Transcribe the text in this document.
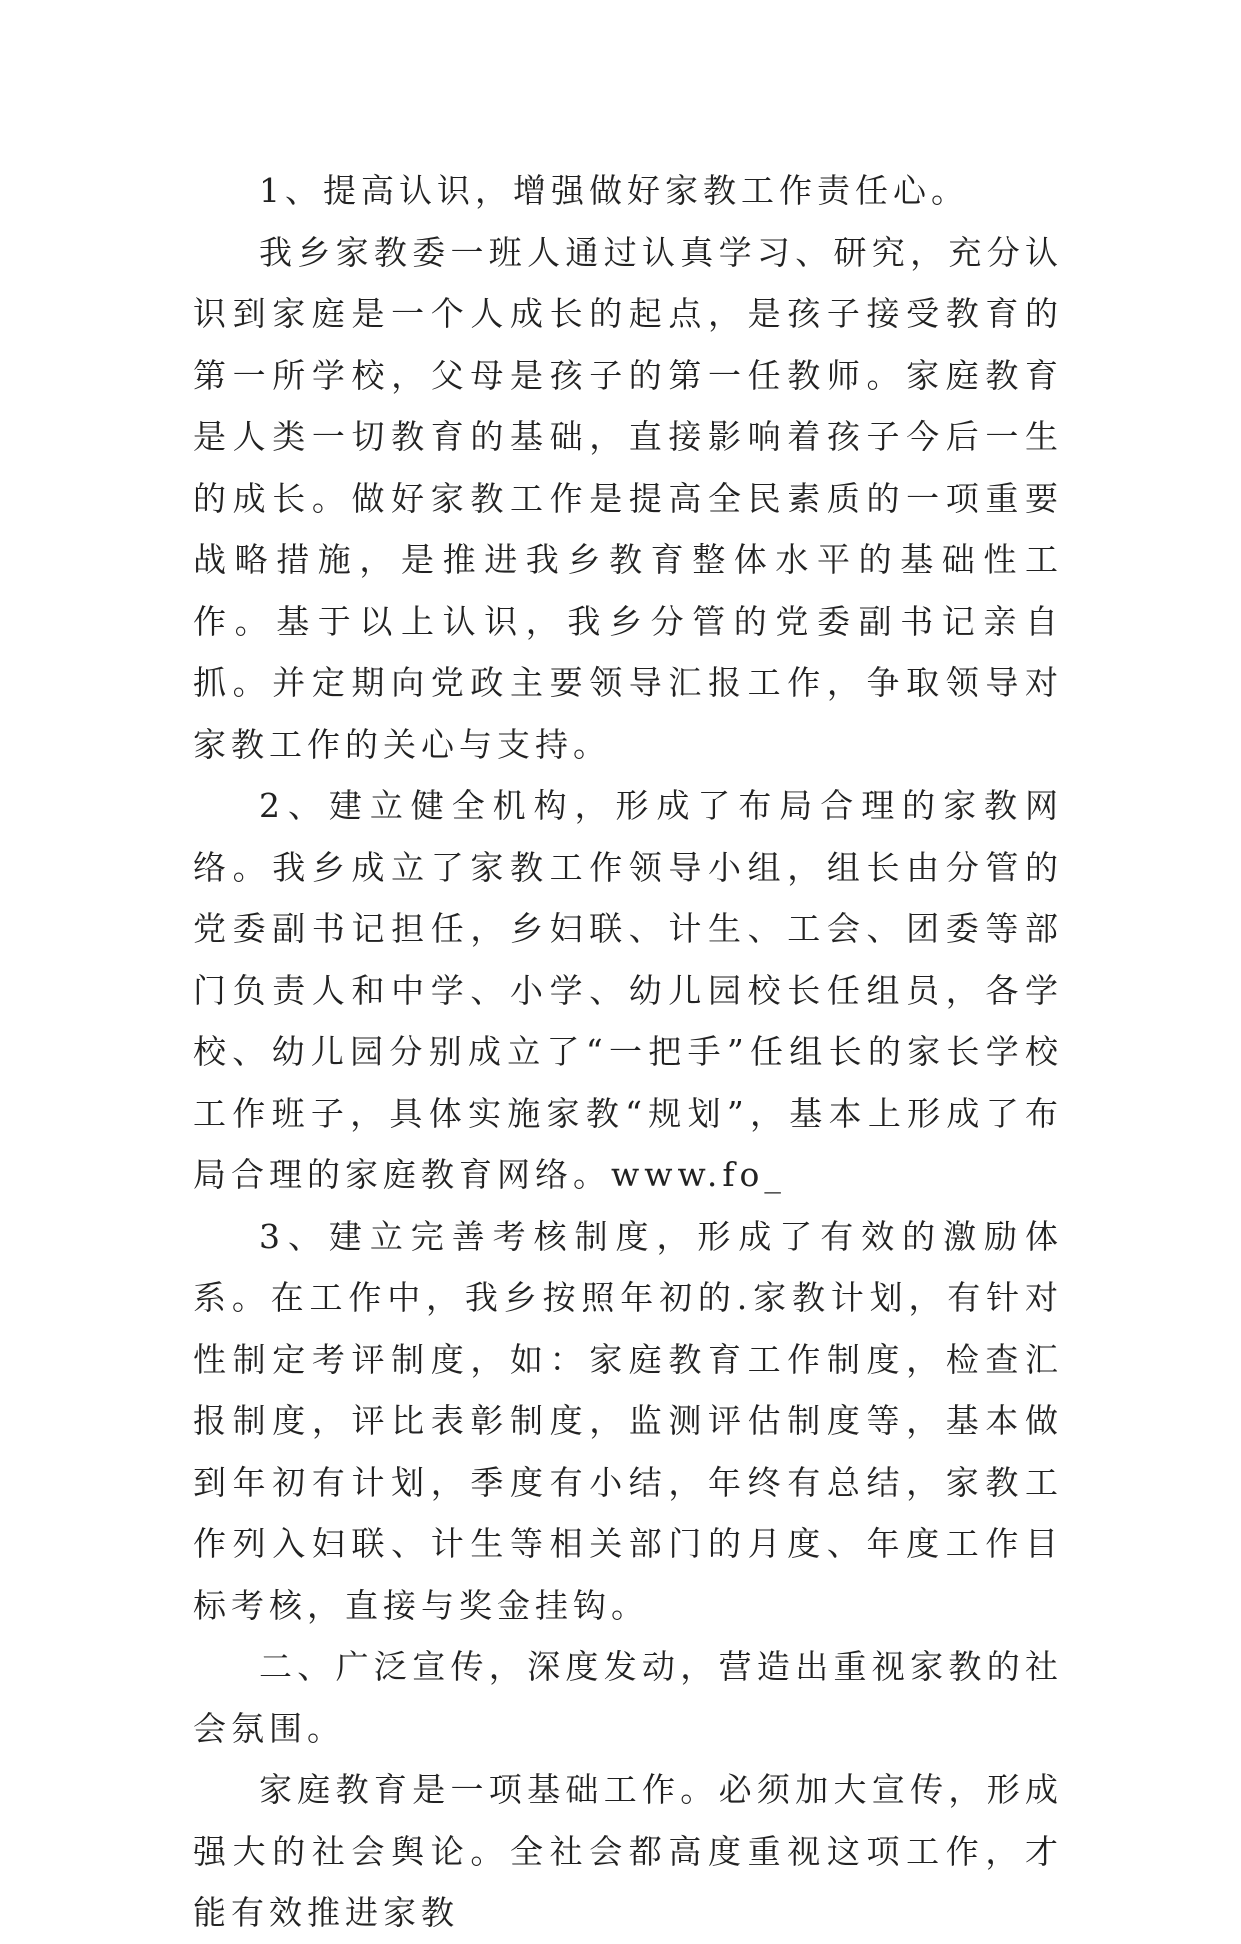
1、提高认识，增强做好家教工作责任心。

我乡家教委一班人通过认真学习、研究，充分认识到家庭是一个人成长的起点，是孩子接受教育的第一所学校，父母是孩子的第一任教师。家庭教育是人类一切教育的基础，直接影响着孩子今后一生的成长。做好家教工作是提高全民素质的一项重要战略措施，是推进我乡教育整体水平的基础性工作。基于以上认识，我乡分管的党委副书记亲自抓。并定期向党政主要领导汇报工作，争取领导对家教工作的关心与支持。

2、建立健全机构，形成了布局合理的家教网络。我乡成立了家教工作领导小组，组长由分管的党委副书记担任，乡妇联、计生、工会、团委等部门负责人和中学、小学、幼儿园校长任组员，各学校、幼儿园分别成立了“一把手”任组长的家长学校工作班子，具体实施家教“规划”，基本上形成了布局合理的家庭教育网络。www.fo_

3、建立完善考核制度，形成了有效的激励体系。在工作中，我乡按照年初的.家教计划，有针对性制定考评制度，如：家庭教育工作制度，检查汇报制度，评比表彰制度，监测评估制度等，基本做到年初有计划，季度有小结，年终有总结，家教工作列入妇联、计生等相关部门的月度、年度工作目标考核，直接与奖金挂钩。

二、广泛宣传，深度发动，营造出重视家教的社会氛围。

家庭教育是一项基础工作。必须加大宣传，形成强大的社会舆论。全社会都高度重视这项工作，才能有效推进家教
